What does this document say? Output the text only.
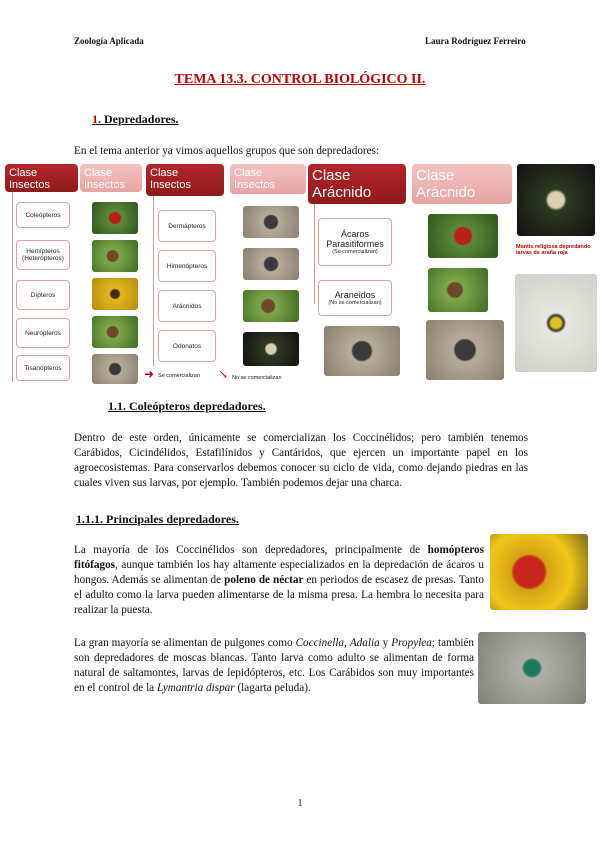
Zoología Aplicada	Laura Rodríguez Ferreiro
TEMA 13.3. CONTROL BIOLÓGICO II.
1. Depredadores.
En el tema anterior ya vimos aquellos grupos que son depredadores:
Clase Insectos
Coleópteros
Hemípteros (Heterópteros)
Dípteros
Neurópteros
Tisanópteros
Clase Insectos
Clase Insectos
Dermápteros
Himenópteros
Arácnidos
Odonatos
➜ Se comercializan
Clase Insectos
↘ No se comercializan
Clase Arácnido
Ácaros Parasitiformes
(Se comercializan)
Araneidos
(No se comercializan)
Clase Arácnido
Mantis religiosa depredando larvas de araña roja
1.1. Coleópteros depredadores.
Dentro de este orden, únicamente se comercializan los Coccinélidos; pero también tenemos Carábidos, Cicindélidos, Estafilínidos y Cantáridos, que ejercen un importante papel en los agroecosistemas. Para conservarlos debemos conocer su ciclo de vida, como dejando piedras en las cuales viven sus larvas, por ejemplo. También podemos dejar una charca.
1.1.1. Principales depredadores.
La mayoría de los Coccinélidos son depredadores, principalmente de homópteros fitófagos, aunque también los hay altamente especializados en la depredación de ácaros u hongos. Además se alimentan de poleno de néctar en periodos de escasez de presas. Tanto el adulto como la larva pueden alimentarse de la misma presa. La hembra lo necesita para realizar la puesta.
La gran mayoría se alimentan de pulgones como Coccinella, Adalia y Propylea; también son depredadores de moscas blancas. Tanto larva como adulto se alimentan de forma natural de saltamontes, larvas de lepidópteros, etc. Los Carábidos son muy importantes en el control de la Lymantria dispar (lagarta peluda).
1
